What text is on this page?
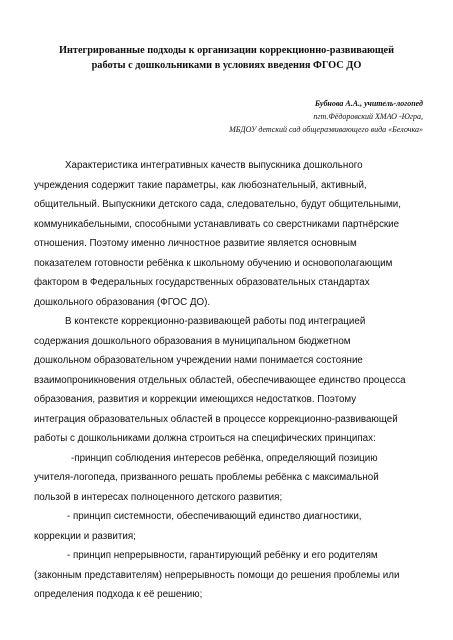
Интегрированные подходы к организации коррекционно-развивающей
работы с дошкольниками в условиях введения ФГОС ДО
Бубнова А.А., учитель-логопед
пгт.Фёдоровский ХМАО -Югра,
МБДОУ детский сад общеразвивающего вида «Белочка»
Характеристика интегративных качеств выпускника дошкольного
учреждения содержит такие параметры, как любознательный, активный,
общительный. Выпускники детского сада, следовательно, будут общительными,
коммуникабельными, способными устанавливать со сверстниками партнёрские
отношения. Поэтому именно личностное развитие является основным
показателем готовности ребёнка к школьному обучению и основополагающим
фактором в Федеральных государственных образовательных стандартах
дошкольного образования (ФГОС ДО).
В контексте коррекционно-развивающей работы под интеграцией
содержания дошкольного образования в муниципальном бюджетном
дошкольном образовательном учреждении нами понимается состояние
взаимопроникновения отдельных областей, обеспечивающее единство процесса
образования, развития и коррекции имеющихся недостатков. Поэтому
интеграция образовательных областей в процессе коррекционно-развивающей
работы с дошкольниками должна строиться на специфических принципах:
-принцип соблюдения интересов ребёнка, определяющий позицию
учителя-логопеда, призванного решать проблемы ребёнка с максимальной
пользой в интересах полноценного детского развития;
- принцип системности, обеспечивающий единство диагностики,
коррекции и развития;
- принцип непрерывности, гарантирующий ребёнку и его родителям
(законным представителям) непрерывность помощи до решения проблемы или
определения подхода к её решению;
